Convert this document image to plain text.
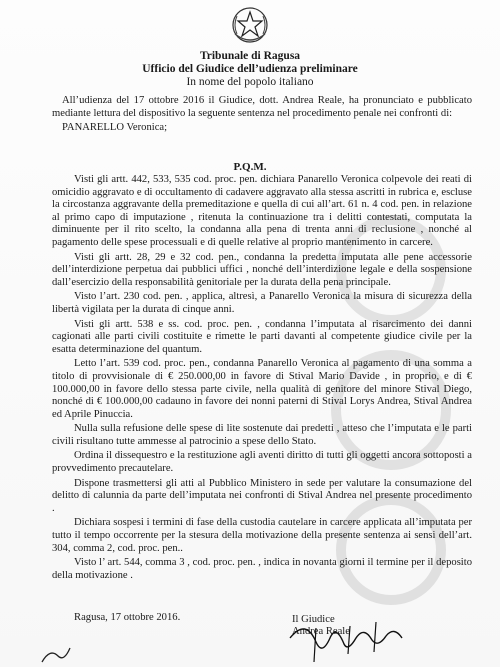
Tribunale di Ragusa
Ufficio del Giudice dell’udienza preliminare
In nome del popolo italiano
All’udienza del 17 ottobre 2016 il Giudice, dott. Andrea Reale, ha pronunciato e pubblicato mediante lettura del dispositivo la seguente sentenza nel procedimento penale nei confronti di:
PANARELLO Veronica;
P.Q.M.

Visti gli artt. 442, 533, 535 cod. proc. pen. dichiara Panarello Veronica colpevole dei reati di omicidio aggravato e di occultamento di cadavere aggravato alla stessa ascritti in rubrica e, escluse la circostanza aggravante della premeditazione e quella di cui all’art. 61 n. 4 cod. pen. in relazione al primo capo di imputazione , ritenuta la continuazione tra i delitti contestati, computata la diminuente per il rito scelto, la condanna alla pena di trenta anni di reclusione , nonché al pagamento delle spese processuali e di quelle relative al proprio mantenimento in carcere.

Visti gli artt. 28, 29 e 32 cod. pen., condanna la predetta imputata alle pene accessorie dell’interdizione perpetua dai pubblici uffici , nonché dell’interdizione legale e della sospensione dall’esercizio della responsabilità genitoriale per la durata della pena principale.

Visto l’art. 230 cod. pen. , applica, altresì, a Panarello Veronica la misura di sicurezza della libertà vigilata per la durata di cinque anni.

Visti gli artt. 538 e ss. cod. proc. pen. , condanna l’imputata al risarcimento dei danni cagionati alle parti civili costituite e rimette le parti davanti al competente giudice civile per la esatta determinazione del quantum.

Letto l’art. 539 cod. proc. pen., condanna Panarello Veronica al pagamento di una somma a titolo di provvisionale di € 250.000,00 in favore di Stival Mario Davide , in proprio, e di € 100.000,00 in favore dello stessa parte civile, nella qualità di genitore del minore Stival Diego, nonché di € 100.000,00 cadauno in favore dei nonni paterni di Stival Lorys Andrea, Stival Andrea ed Aprile Pinuccia.

Nulla sulla refusione delle spese di lite sostenute dai predetti , atteso che l’imputata e le parti civili risultano tutte ammesse al patrocinio a spese dello Stato.

Ordina il dissequestro e la restituzione agli aventi diritto di tutti gli oggetti ancora sottoposti a provvedimento precautelare.

Dispone trasmettersi gli atti al Pubblico Ministero in sede per valutare la consumazione del delitto di calunnia da parte dell’imputata nei confronti di Stival Andrea nel presente procedimento .

Dichiara sospesi i termini di fase della custodia cautelare in carcere applicata all’imputata per tutto il tempo occorrente per la stesura della motivazione della presente sentenza ai sensi dell’art. 304, comma 2, cod. proc. pen..

Visto l’ art. 544, comma 3 , cod. proc. pen. , indica in novanta giorni il termine per il deposito della motivazione .

Ragusa, 17 ottobre 2016.	Il Giudice
Andrea Reale
